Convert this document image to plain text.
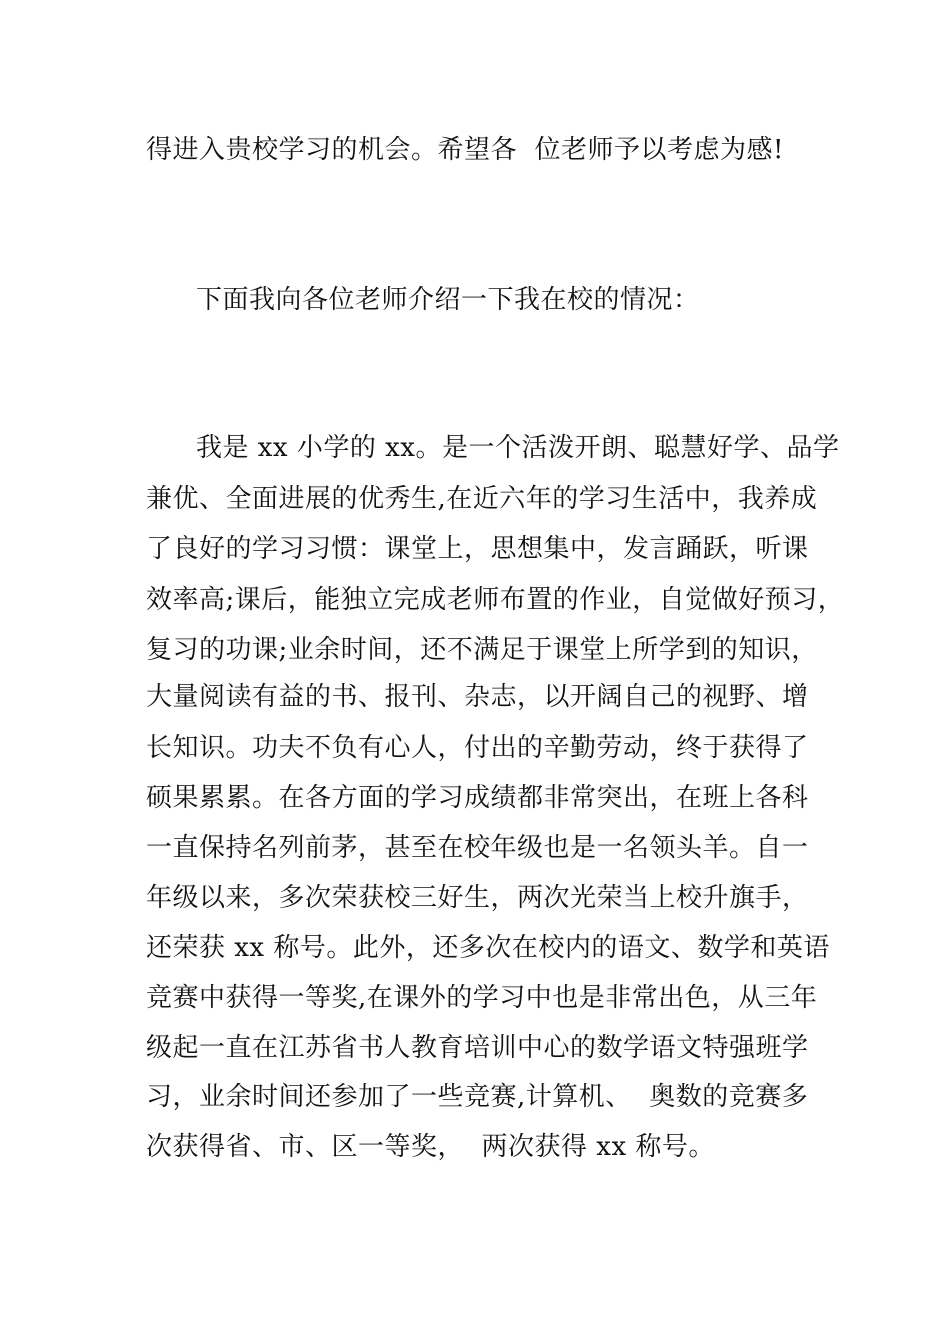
得进入贵校学习的机会。希望各  位老师予以考虑为感!
下面我向各位老师介绍一下我在校的情况：
我是 xx 小学的 xx。是一个活泼开朗、聪慧好学、品学
兼优、全面进展的优秀生,在近六年的学习生活中，我养成
了良好的学习习惯：课堂上，思想集中，发言踊跃，听课
效率高;课后，能独立完成老师布置的作业，自觉做好预习，
复习的功课;业余时间，还不满足于课堂上所学到的知识，
大量阅读有益的书、报刊、杂志，以开阔自己的视野、增
长知识。功夫不负有心人，付出的辛勤劳动，终于获得了
硕果累累。在各方面的学习成绩都非常突出，在班上各科
一直保持名列前茅，甚至在校年级也是一名领头羊。自一
年级以来，多次荣获校三好生，两次光荣当上校升旗手，
还荣获 xx 称号。此外，还多次在校内的语文、数学和英语
竞赛中获得一等奖,在课外的学习中也是非常出色，从三年
级起一直在江苏省书人教育培训中心的数学语文特强班学
习，业余时间还参加了一些竞赛,计算机、  奥数的竞赛多
次获得省、市、区一等奖，  两次获得 xx 称号。
